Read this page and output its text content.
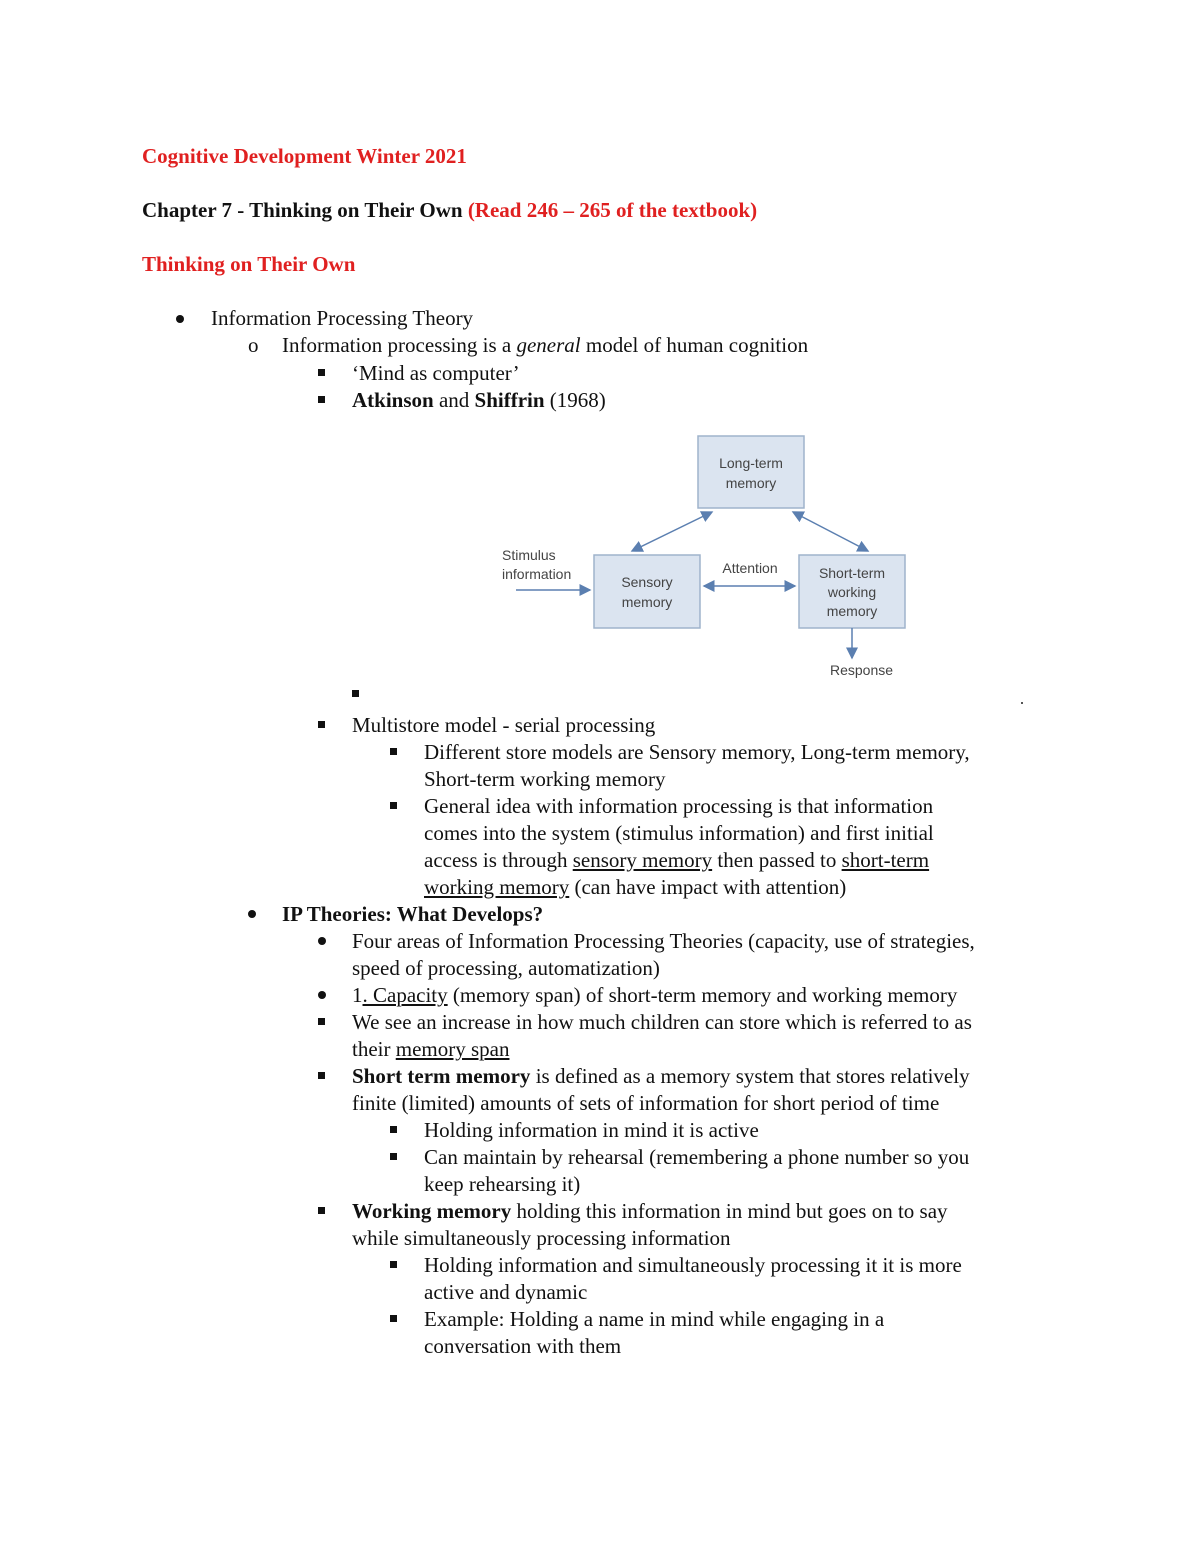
Cognitive Development Winter 2021
Chapter 7 - Thinking on Their Own (Read 246 – 265 of the textbook)
Thinking on Their Own
Information Processing Theory
o Information processing is a general model of human cognition
‘Mind as computer’
Atkinson and Shiffrin (1968)
Long-term
memory
Stimulus
information	Sensory
memory
Attention	Short-term
working
memory
Response
Multistore model - serial processing
Different store models are Sensory memory, Long-term memory,
Short-term working memory
General idea with information processing is that information
comes into the system (stimulus information) and first initial
access is through sensory memory then passed to short-term
working memory (can have impact with attention)
IP Theories: What Develops?
Four areas of Information Processing Theories (capacity, use of strategies,
speed of processing, automatization)
1. Capacity (memory span) of short-term memory and working memory
We see an increase in how much children can store which is referred to as
their memory span
Short term memory is defined as a memory system that stores relatively
finite (limited) amounts of sets of information for short period of time
Holding information in mind it is active
Can maintain by rehearsal (remembering a phone number so you
keep rehearsing it)
Working memory holding this information in mind but goes on to say
while simultaneously processing information
Holding information and simultaneously processing it it is more
active and dynamic
Example: Holding a name in mind while engaging in a
conversation with them
